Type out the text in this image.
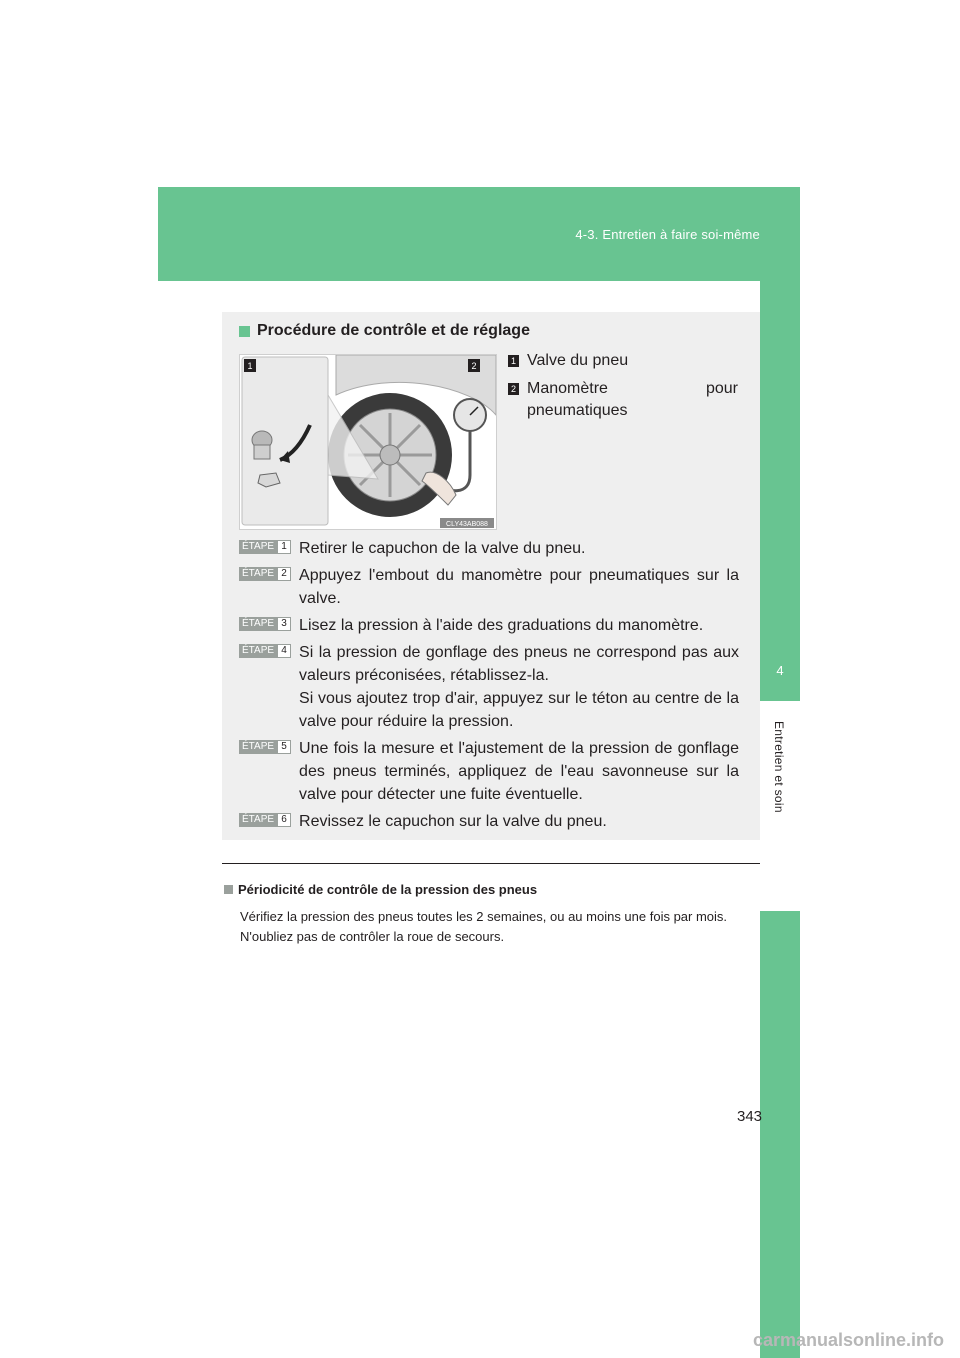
4-3. Entretien à faire soi-même
4
Entretien et soin
Procédure de contrôle et de réglage
1	2
CLY43AB088
1 Valve du pneu
2 Manomètre pour
pneumatiques
ÉTAPE 1 Retirer le capuchon de la valve du pneu.
ÉTAPE 2 Appuyez l'embout du manomètre pour pneumatiques sur la valve.
ÉTAPE 3 Lisez la pression à l'aide des graduations du manomètre.
ÉTAPE 4 Si la pression de gonflage des pneus ne correspond pas aux valeurs préconisées, rétablissez-la.
Si vous ajoutez trop d'air, appuyez sur le téton au centre de la valve pour réduire la pression.
ÉTAPE 5 Une fois la mesure et l'ajustement de la pression de gonflage des pneus terminés, appliquez de l'eau savonneuse sur la valve pour détecter une fuite éventuelle.
ÉTAPE 6 Revissez le capuchon sur la valve du pneu.
Périodicité de contrôle de la pression des pneus
Vérifiez la pression des pneus toutes les 2 semaines, ou au moins une fois par mois.
N'oubliez pas de contrôler la roue de secours.
343
carmanualsonline.info
